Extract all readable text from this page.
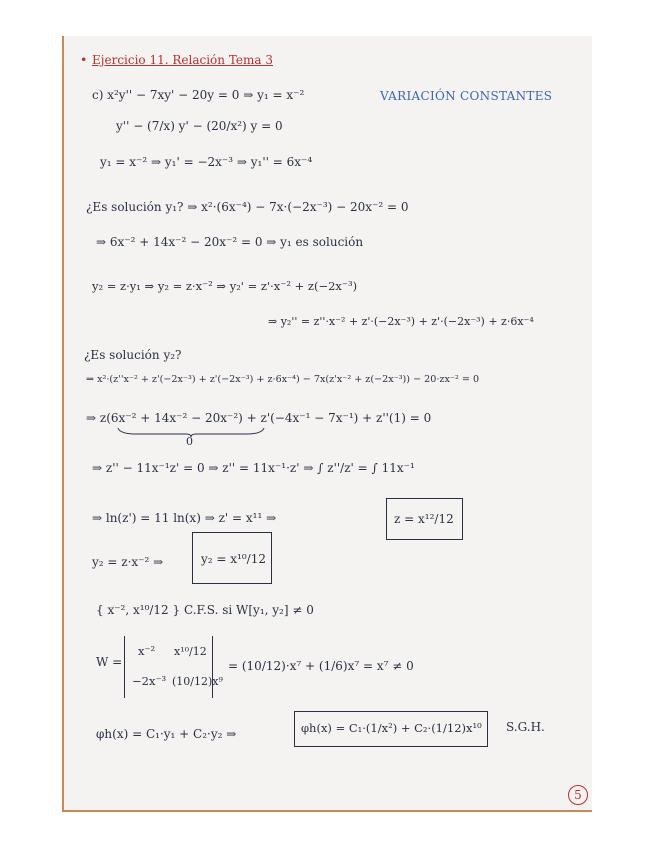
• Ejercicio 11. Relación Tema 3
VARIACIÓN CONSTANTES
c) x²y'' − 7xy' − 20y = 0 ⇒ y₁ = x⁻²
y'' − (7/x) y' − (20/x²) y = 0
y₁ = x⁻² ⇒ y₁' = −2x⁻³ ⇒ y₁'' = 6x⁻⁴
¿Es solución y₁? ⇒ x²·(6x⁻⁴) − 7x·(−2x⁻³) − 20x⁻² = 0
⇒ 6x⁻² + 14x⁻² − 20x⁻² = 0 ⇒ y₁ es solución
y₂ = z·y₁ ⇒ y₂ = z·x⁻² ⇒ y₂' = z'·x⁻² + z(−2x⁻³)
⇒ y₂'' = z''·x⁻² + z'·(−2x⁻³) + z'·(−2x⁻³) + z·6x⁻⁴
¿Es solución y₂?
⇒ x²·(z''x⁻² + z'(−2x⁻³) + z'(−2x⁻³) + z·6x⁻⁴) − 7x(z'x⁻² + z(−2x⁻³)) − 20·zx⁻² = 0
⇒ z(6x⁻² + 14x⁻² − 20x⁻²) + z'(−4x⁻¹ − 7x⁻¹) + z''(1) = 0
0
⇒ z'' − 11x⁻¹z' = 0 ⇒ z'' = 11x⁻¹·z' ⇒ ∫ z''/z' = ∫ 11x⁻¹
⇒ ln(z') = 11 ln(x) ⇒ z' = x¹¹ ⇒	z = x¹²/12
y₂ = z·x⁻² ⇒	y₂ = x¹⁰/12
{ x⁻², x¹⁰/12 } C.F.S. si W[y₁, y₂] ≠ 0
W =
x⁻² x¹⁰/12
−2x⁻³ (10/12)x⁹
= (10/12)·x⁷ + (1/6)x⁷ = x⁷ ≠ 0
φh(x) = C₁·y₁ + C₂·y₂ ⇒	φh(x) = C₁·(1/x²) + C₂·(1/12)x¹⁰ S.G.H.
5
